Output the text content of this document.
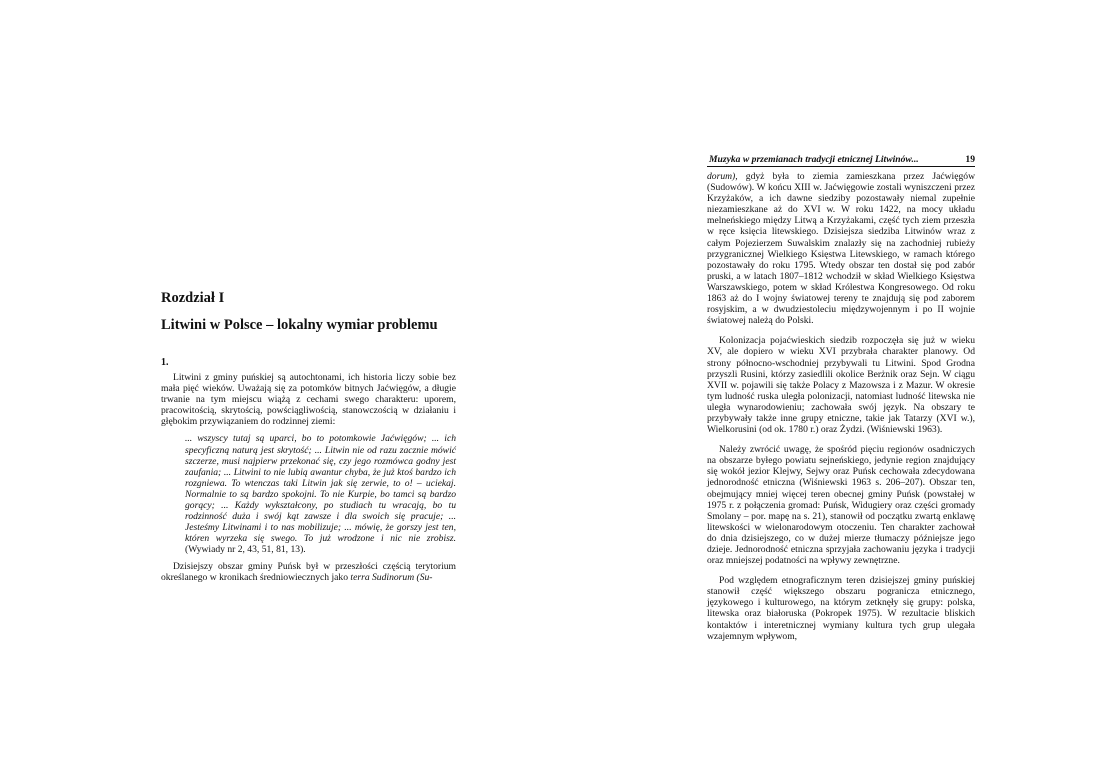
Rozdział I
Litwini w Polsce – lokalny wymiar problemu
1.

Litwini z gminy puńskiej są autochtonami, ich historia liczy sobie bez mała pięć wieków. Uważają się za potomków bitnych Jaćwięgów, a długie trwanie na tym miejscu wiążą z cechami swego charakteru: uporem, pracowitością, skrytością, powściągliwością, stanowczością w działaniu i głębokim przywiązaniem do rodzinnej ziemi:

... wszyscy tutaj są uparci, bo to potomkowie Jaćwięgów; ... ich specyficzną naturą jest skrytość; ... Litwin nie od razu zacznie mówić szczerze, musi najpierw przekonać się, czy jego rozmówca godny jest zaufania; ... Litwini to nie lubią awantur chyba, że już ktoś bardzo ich rozgniewa. To wtenczas taki Litwin jak się zerwie, to o! – uciekaj. Normalnie to są bardzo spokojni. To nie Kurpie, bo tamci są bardzo gorący; ... Każdy wykształcony, po studiach tu wracają, bo tu rodzinność duża i swój kąt zawsze i dla swoich się pracuje; ... Jesteśmy Litwinami i to nas mobilizuje; ... mówię, że gorszy jest ten, któren wyrzeka się swego. To już wrodzone i nic nie zrobisz. (Wywiady nr 2, 43, 51, 81, 13).

Dzisiejszy obszar gminy Puńsk był w przeszłości częścią terytorium określanego w kronikach średniowiecznych jako terra Sudinorum (Su-

Muzyka w przemianach tradycji etnicznej Litwinów...	19

dorum), gdyż była to ziemia zamieszkana przez Jaćwięgów (Sudowów). W końcu XIII w. Jaćwięgowie zostali wyniszczeni przez Krzyżaków, a ich dawne siedziby pozostawały niemal zupełnie niezamieszkane aż do XVI w. W roku 1422, na mocy układu melneńskiego między Litwą a Krzyżakami, część tych ziem przeszła w ręce księcia litewskiego. Dzisiejsza siedziba Litwinów wraz z całym Pojezierzem Suwalskim znalazły się na zachodniej rubieży przygranicznej Wielkiego Księstwa Litewskiego, w ramach którego pozostawały do roku 1795. Wtedy obszar ten dostał się pod zabór pruski, a w latach 1807–1812 wchodził w skład Wielkiego Księstwa Warszawskiego, potem w skład Królestwa Kongresowego. Od roku 1863 aż do I wojny światowej tereny te znajdują się pod zaborem rosyjskim, a w dwudziestoleciu międzywojennym i po II wojnie światowej należą do Polski.

Kolonizacja pojaćwieskich siedzib rozpoczęła się już w wieku XV, ale dopiero w wieku XVI przybrała charakter planowy. Od strony północno-wschodniej przybywali tu Litwini. Spod Grodna przyszli Rusini, którzy zasiedlili okolice Berżnik oraz Sejn. W ciągu XVII w. pojawili się także Polacy z Mazowsza i z Mazur. W okresie tym ludność ruska uległa polonizacji, natomiast ludność litewska nie uległa wynarodowieniu; zachowała swój język. Na obszary te przybywały także inne grupy etniczne, takie jak Tatarzy (XVI w.), Wielkorusini (od ok. 1780 r.) oraz Żydzi. (Wiśniewski 1963).

Należy zwrócić uwagę, że spośród pięciu regionów osadniczych na obszarze byłego powiatu sejneńskiego, jedynie region znajdujący się wokół jezior Klejwy, Sejwy oraz Puńsk cechowała zdecydowana jednorodność etniczna (Wiśniewski 1963 s. 206–207). Obszar ten, obejmujący mniej więcej teren obecnej gminy Puńsk (powstałej w 1975 r. z połączenia gromad: Puńsk, Widugiery oraz części gromady Smolany – por. mapę na s. 21), stanowił od początku zwartą enklawę litewskości w wielonarodowym otoczeniu. Ten charakter zachował do dnia dzisiejszego, co w dużej mierze tłumaczy późniejsze jego dzieje. Jednorodność etniczna sprzyjała zachowaniu języka i tradycji oraz mniejszej podatności na wpływy zewnętrzne.

Pod względem etnograficznym teren dzisiejszej gminy puńskiej stanowił część większego obszaru pogranicza etnicznego, językowego i kulturowego, na którym zetknęły się grupy: polska, litewska oraz białoruska (Pokropek 1975). W rezultacie bliskich kontaktów i interetnicznej wymiany kultura tych grup ulegała wzajemnym wpływom,
